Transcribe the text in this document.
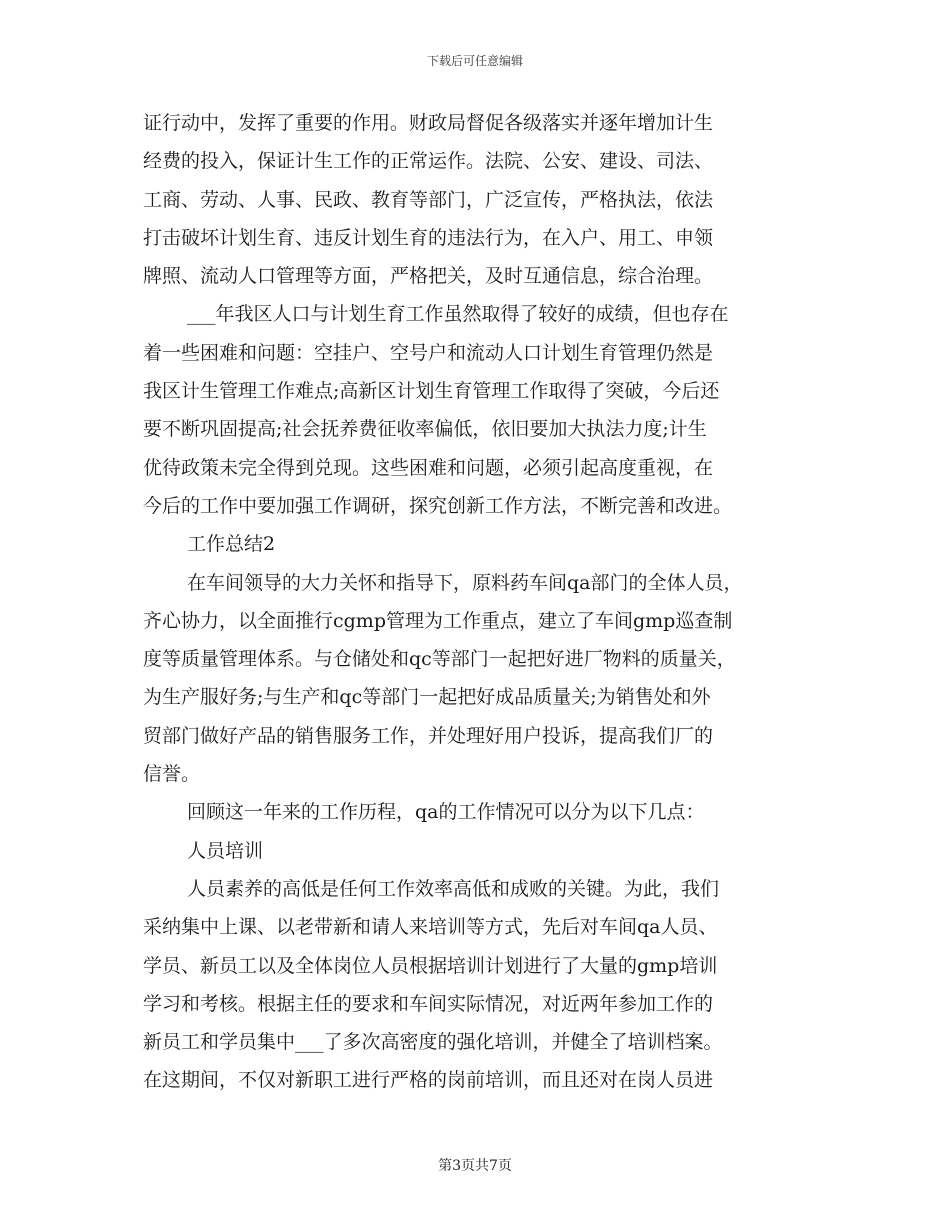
下载后可任意编辑
证行动中，发挥了重要的作用。财政局督促各级落实并逐年增加计生
经费的投入，保证计生工作的正常运作。法院、公安、建设、司法、
工商、劳动、人事、民政、教育等部门，广泛宣传，严格执法，依法
打击破坏计划生育、违反计划生育的违法行为，在入户、用工、申领
牌照、流动人口管理等方面，严格把关，及时互通信息，综合治理。
___年我区人口与计划生育工作虽然取得了较好的成绩，但也存在
着一些困难和问题：空挂户、空号户和流动人口计划生育管理仍然是
我区计生管理工作难点;高新区计划生育管理工作取得了突破，今后还
要不断巩固提高;社会抚养费征收率偏低，依旧要加大执法力度;计生
优待政策未完全得到兑现。这些困难和问题，必须引起高度重视，在
今后的工作中要加强工作调研，探究创新工作方法，不断完善和改进。
工作总结2
在车间领导的大力关怀和指导下，原料药车间qa部门的全体人员，
齐心协力，以全面推行cgmp管理为工作重点，建立了车间gmp巡查制
度等质量管理体系。与仓储处和qc等部门一起把好进厂物料的质量关，
为生产服好务;与生产和qc等部门一起把好成品质量关;为销售处和外
贸部门做好产品的销售服务工作，并处理好用户投诉，提高我们厂的
信誉。
回顾这一年来的工作历程，qa的工作情况可以分为以下几点：
人员培训
人员素养的高低是任何工作效率高低和成败的关键。为此，我们
采纳集中上课、以老带新和请人来培训等方式，先后对车间qa人员、
学员、新员工以及全体岗位人员根据培训计划进行了大量的gmp培训
学习和考核。根据主任的要求和车间实际情况，对近两年参加工作的
新员工和学员集中___了多次高密度的强化培训，并健全了培训档案。
在这期间，不仅对新职工进行严格的岗前培训，而且还对在岗人员进
第3页共7页
